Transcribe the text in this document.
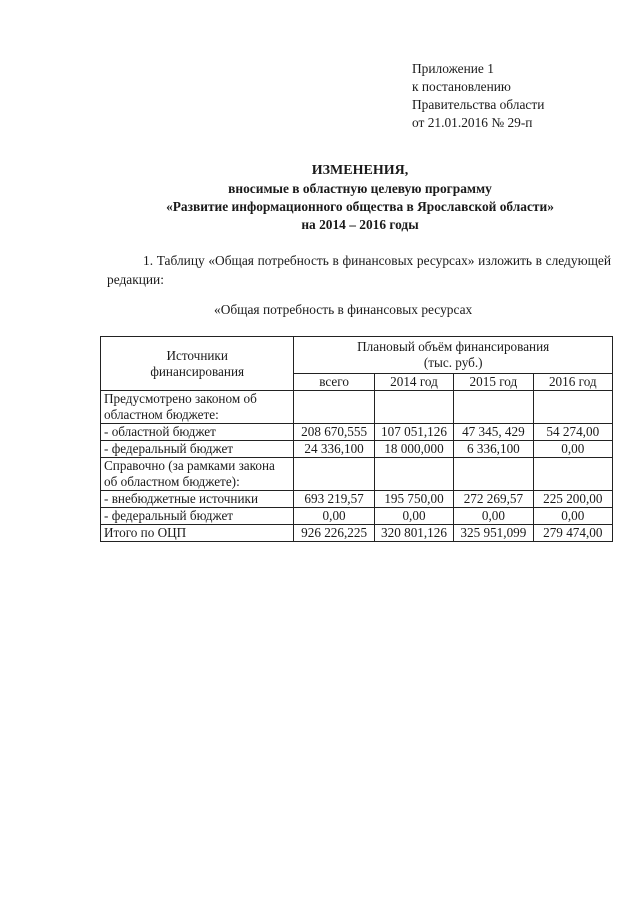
Приложение 1
к постановлению
Правительства области
от 21.01.2016 № 29-п
ИЗМЕНЕНИЯ,
вносимые в областную целевую программу
«Развитие информационного общества в Ярославской области»
на 2014 – 2016 годы
1. Таблицу «Общая потребность в финансовых ресурсах» изложить в следующей редакции:
«Общая потребность в финансовых ресурсах
Источники финансирования	Плановый объём финансирования (тыс. руб.)			
	всего	2014 год	2015 год	2016 год
Предусмотрено законом об областном бюджете:				
- областной бюджет	208 670,555	107 051,126	47 345, 429	54 274,00
- федеральный бюджет	24 336,100	18 000,000	6 336,100	0,00
Справочно (за рамками закона об областном бюджете):				
- внебюджетные источники	693 219,57	195 750,00	272 269,57	225 200,00
- федеральный бюджет	0,00	0,00	0,00	0,00
Итого по ОЦП	926 226,225	320 801,126	325 951,099	279 474,00
